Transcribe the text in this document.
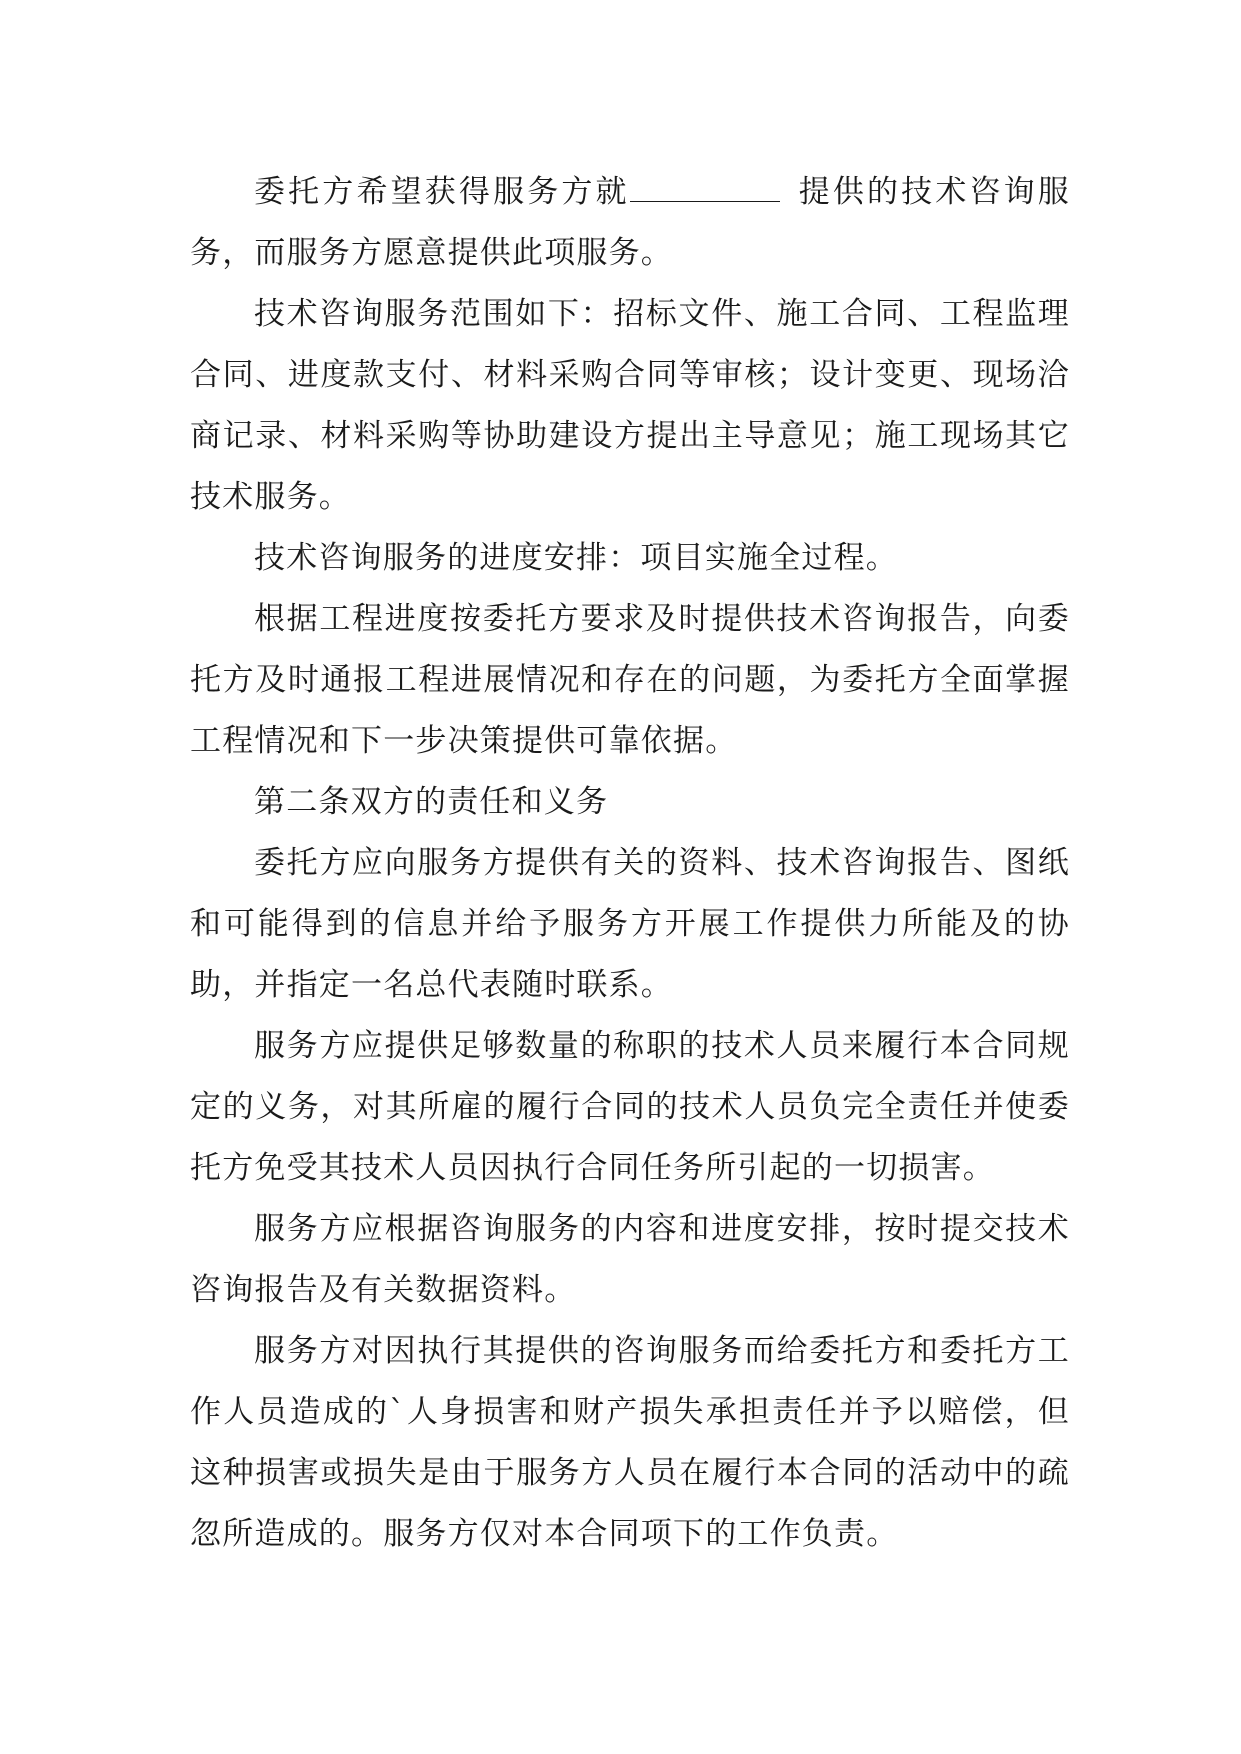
委托方希望获得服务方就	提供的技术咨询服务，而服务方愿意提供此项服务。

技术咨询服务范围如下：招标文件、施工合同、工程监理合同、进度款支付、材料采购合同等审核；设计变更、现场洽商记录、材料采购等协助建设方提出主导意见；施工现场其它技术服务。

技术咨询服务的进度安排：项目实施全过程。

根据工程进度按委托方要求及时提供技术咨询报告，向委托方及时通报工程进展情况和存在的问题，为委托方全面掌握工程情况和下一步决策提供可靠依据。

第二条双方的责任和义务

委托方应向服务方提供有关的资料、技术咨询报告、图纸和可能得到的信息并给予服务方开展工作提供力所能及的协助，并指定一名总代表随时联系。

服务方应提供足够数量的称职的技术人员来履行本合同规定的义务，对其所雇的履行合同的技术人员负完全责任并使委托方免受其技术人员因执行合同任务所引起的一切损害。

服务方应根据咨询服务的内容和进度安排，按时提交技术咨询报告及有关数据资料。

服务方对因执行其提供的咨询服务而给委托方和委托方工作人员造成的`人身损害和财产损失承担责任并予以赔偿，但这种损害或损失是由于服务方人员在履行本合同的活动中的疏忽所造成的。服务方仅对本合同项下的工作负责。
